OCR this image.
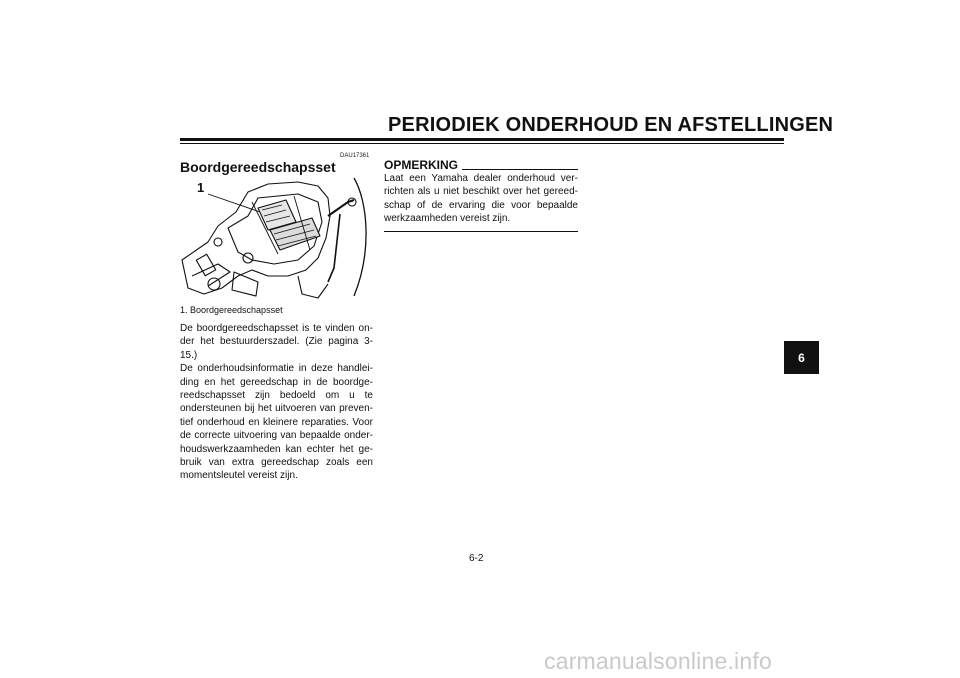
PERIODIEK ONDERHOUD EN AFSTELLINGEN
DAU17361
Boordgereedschapsset
1
1. Boordgereedschapsset

De boordgereedschapsset is te vinden on-der het bestuurderszadel. (Zie pagina 3-15.)

De onderhoudsinformatie in deze handlei-ding en het gereedschap in de boordge-reedschapsset zijn bedoeld om u te ondersteunen bij het uitvoeren van preven-tief onderhoud en kleinere reparaties. Voor de correcte uitvoering van bepaalde onder-houdswerkzaamheden kan echter het ge-bruik van extra gereedschap zoals een momentsleutel vereist zijn.

OPMERKING
Laat een Yamaha dealer onderhoud ver-richten als u niet beschikt over het gereed-schap of de ervaring die voor bepaalde werkzaamheden vereist zijn.
6
6-2
carmanualsonline.info
